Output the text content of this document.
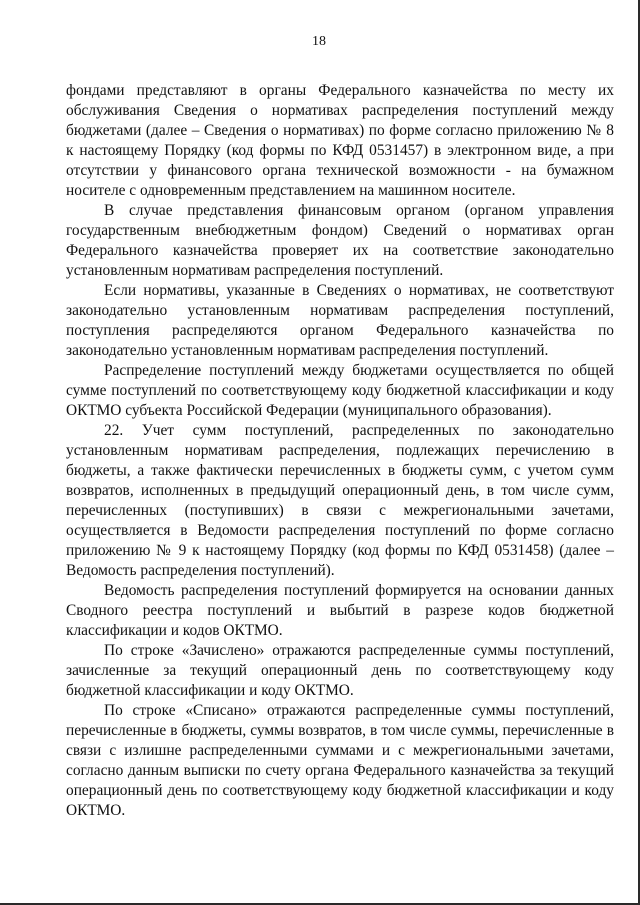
18

фондами представляют в органы Федерального казначейства по месту их обслуживания Сведения о нормативах распределения поступлений между бюджетами (далее – Сведения о нормативах) по форме согласно приложению № 8 к настоящему Порядку (код формы по КФД 0531457) в электронном виде, а при отсутствии у финансового органа технической возможности - на бумажном носителе с одновременным представлением на машинном носителе.

В случае представления финансовым органом (органом управления государственным внебюджетным фондом) Сведений о нормативах орган Федерального казначейства проверяет их на соответствие законодательно установленным нормативам распределения поступлений.

Если нормативы, указанные в Сведениях о нормативах, не соответствуют законодательно установленным нормативам распределения поступлений, поступления распределяются органом Федерального казначейства по законодательно установленным нормативам распределения поступлений.

Распределение поступлений между бюджетами осуществляется по общей сумме поступлений по соответствующему коду бюджетной классификации и коду ОКТМО субъекта Российской Федерации (муниципального образования).

22. Учет сумм поступлений, распределенных по законодательно установленным нормативам распределения, подлежащих перечислению в бюджеты, а также фактически перечисленных в бюджеты сумм, с учетом сумм возвратов, исполненных в предыдущий операционный день, в том числе сумм, перечисленных (поступивших) в связи с межрегиональными зачетами, осуществляется в Ведомости распределения поступлений по форме согласно приложению № 9 к настоящему Порядку (код формы по КФД 0531458) (далее – Ведомость распределения поступлений).

Ведомость распределения поступлений формируется на основании данных Сводного реестра поступлений и выбытий в разрезе кодов бюджетной классификации и кодов ОКТМО.

По строке «Зачислено» отражаются распределенные суммы поступлений, зачисленные за текущий операционный день по соответствующему коду бюджетной классификации и коду ОКТМО.

По строке «Списано» отражаются распределенные суммы поступлений, перечисленные в бюджеты, суммы возвратов, в том числе суммы, перечисленные в связи с излишне распределенными суммами и с межрегиональными зачетами, согласно данным выписки по счету органа Федерального казначейства за текущий операционный день по соответствующему коду бюджетной классификации и коду ОКТМО.
